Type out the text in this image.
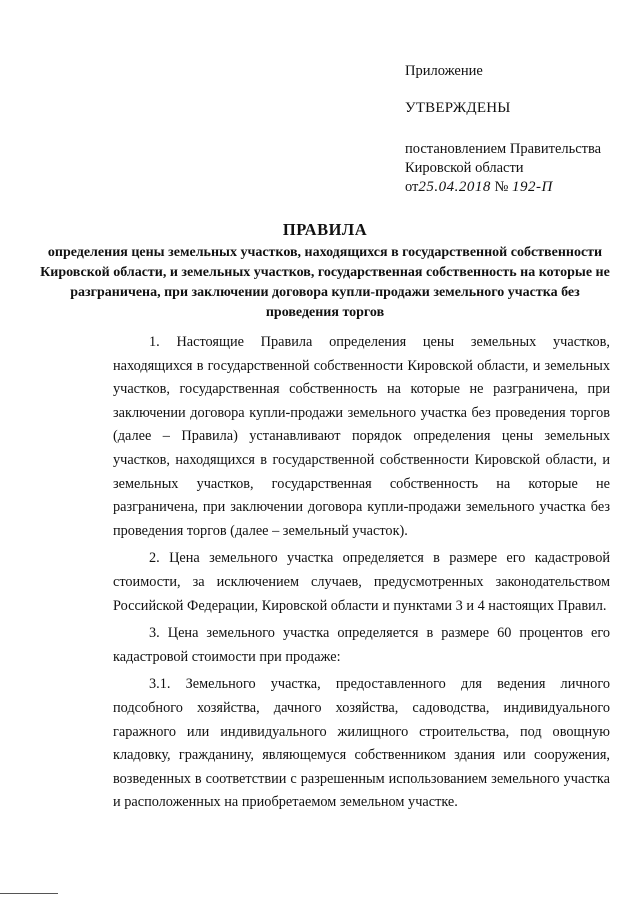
Приложение
УТВЕРЖДЕНЫ
постановлением Правительства
Кировской области
от25.04.2018 № 192-П
ПРАВИЛА
определения цены земельных участков, находящихся в государственной собственности Кировской области, и земельных участков, государственная собственность на которые не разграничена, при заключении договора купли-продажи земельного участка без проведения торгов

1. Настоящие Правила определения цены земельных участков, находящихся в государственной собственности Кировской области, и земельных участков, государственная собственность на которые не разграничена, при заключении договора купли-продажи земельного участка без проведения торгов (далее – Правила) устанавливают порядок определения цены земельных участков, находящихся в государственной собственности Кировской области, и земельных участков, государственная собственность на которые не разграничена, при заключении договора купли-продажи земельного участка без проведения торгов (далее – земельный участок).

2. Цена земельного участка определяется в размере его кадастровой стоимости, за исключением случаев, предусмотренных законодательством Российской Федерации, Кировской области и пунктами 3 и 4 настоящих Правил.

3. Цена земельного участка определяется в размере 60 процентов его кадастровой стоимости при продаже:

3.1. Земельного участка, предоставленного для ведения личного подсобного хозяйства, дачного хозяйства, садоводства, индивидуального гаражного или индивидуального жилищного строительства, под овощную кладовку, гражданину, являющемуся собственником здания или сооружения, возведенных в соответствии с разрешенным использованием земельного участка и расположенных на приобретаемом земельном участке.
